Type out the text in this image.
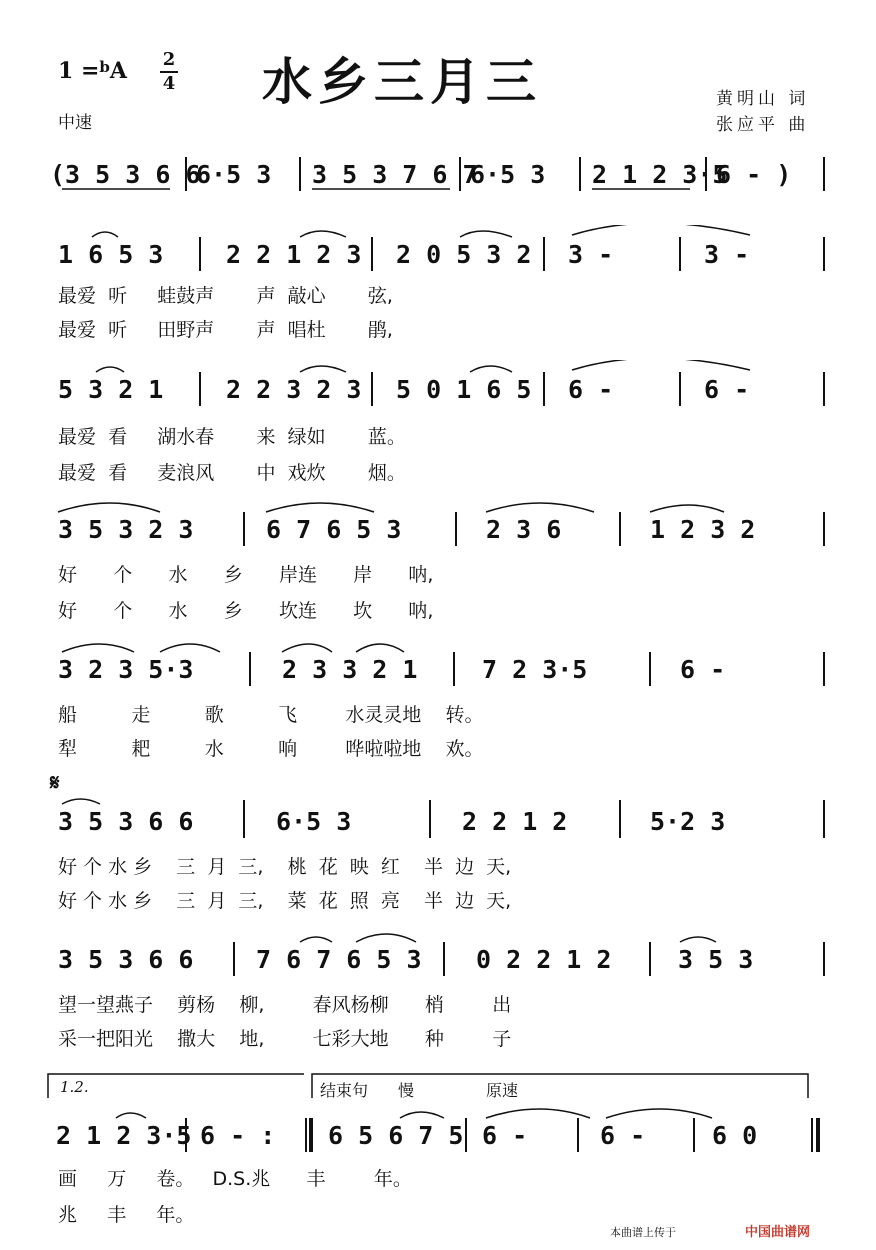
1 =$^b$A 2
4 水乡三月三
中速
黄明山 词
张应平 曲
(3 5 3 6 6
6·5 3 3 5 3 7 6 7
6·5 3 2 1 2 3·5
6 - )
1 6 5 3	2 2 1 2 3 2 0 5 3 2 3 -	3 -
最爱  听     蛙鼓声       声  敲心       弦,
最爱  听     田野声       声  唱杜       鹃,
5 3 2 1	2 2 3 2 3 5 0 1 6 5 6 -	6 -
最爱  看     湖水春       来  绿如       蓝。
最爱  看     麦浪风       中  戏炊       烟。
3 5 3 2 3	6 7 6 5 3	2 3 6	1 2 3 2
好      个      水      乡      岸连      岸      呐,
好      个      水      乡      坎连      坎      呐,
3 2 3 5·3	2 3 3 2 1	7 2 3·5	6 -
船         走         歌         飞        水灵灵地    转。
犁         耙         水         响        哗啦啦地    欢。
𝄋
3 5 3 6 6	6·5 3	2 2 1 2	5·2 3
好 个 水 乡    三  月  三,    桃  花  映  红    半  边  天,
好 个 水 乡    三  月  三,    菜  花  照  亮    半  边  天,
3 5 3 6 6	7 6 7 6 5 3 0 2 2 1 2	3 5 3
望一望燕子    剪杨    柳,        春风杨柳      梢        出
采一把阳光    撒大    地,        七彩大地      种        子
1.2.	结束句 慢	原速
2 1 2 3·5 6 - : 6 5 6 7 5 6 -	6 -	6 0
画     万     卷。   D.S.兆      丰        年。
兆     丰     年。
本曲谱上传于	中国曲谱网
